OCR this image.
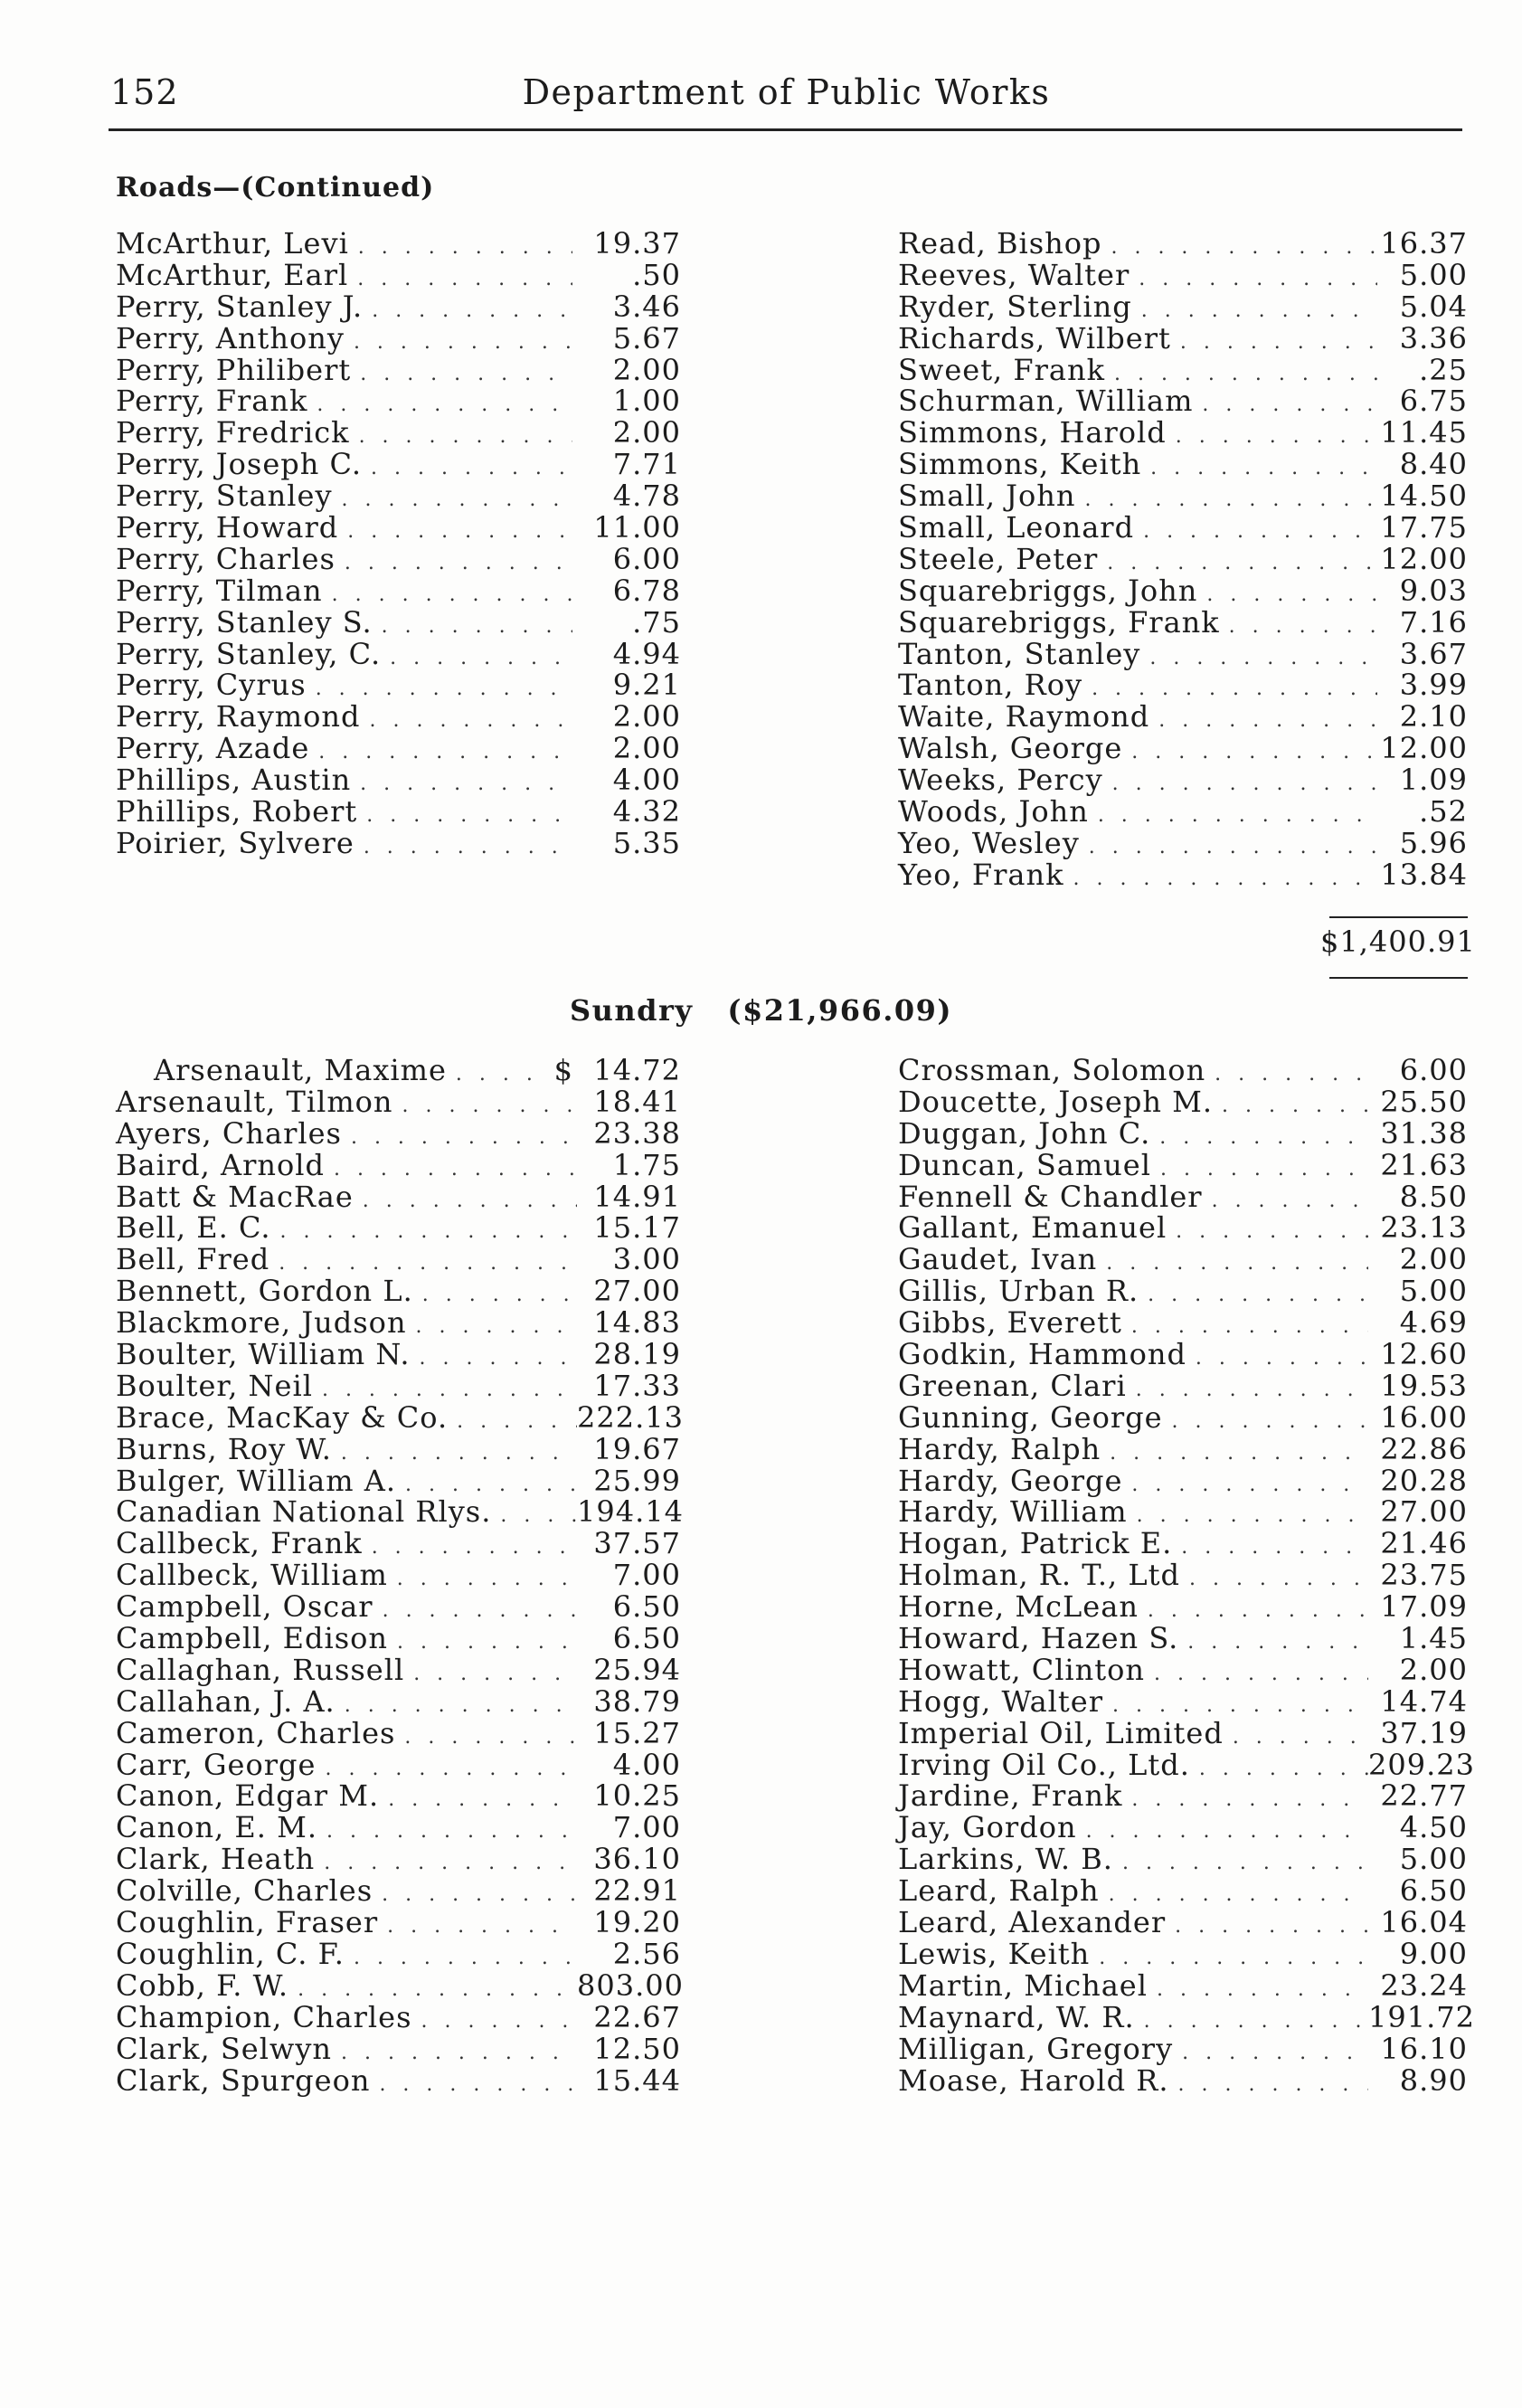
152	Department of Public Works
Roads—(Continued)
McArthur, Levi . . .	19.37
McArthur, Earl . . .	.50
Perry, Stanley J. . . .	3.46
Perry, Anthony . . .	5.67
Perry, Philibert . . .	2.00
Perry, Frank . . .	1.00
Perry, Fredrick . . .	2.00
Perry, Joseph C. . . .	7.71
Perry, Stanley . . .	4.78
Perry, Howard . . .	11.00
Perry, Charles . . .	6.00
Perry, Tilman . . .	6.78
Perry, Stanley S. . . .	.75
Perry, Stanley, C. . . .	4.94
Perry, Cyrus . . .	9.21
Perry, Raymond . . .	2.00
Perry, Azade . . .	2.00
Phillips, Austin . . .	4.00
Phillips, Robert . . .	4.32
Poirier, Sylvere . . .	5.35
Read, Bishop . . .	16.37
Reeves, Walter . . .	5.00
Ryder, Sterling . . .	5.04
Richards, Wilbert . . .	3.36
Sweet, Frank . . .	.25
Schurman, William . . .	6.75
Simmons, Harold . . .	11.45
Simmons, Keith . . .	8.40
Small, John . . .	14.50
Small, Leonard . . .	17.75
Steele, Peter . . .	12.00
Squarebriggs, John . . .	9.03
Squarebriggs, Frank . . .	7.16
Tanton, Stanley . . .	3.67
Tanton, Roy . . .	3.99
Waite, Raymond . . .	2.10
Walsh, George . . .	12.00
Weeks, Percy . . .	1.09
Woods, John . . .	.52
Yeo, Wesley . . .	5.96
Yeo, Frank . . .	13.84
$1,400.91
Sundry ($21,966.09)
Arsenault, Maxime . . .	$ 14.72
Arsenault, Tilmon . . .	18.41
Ayers, Charles . . .	23.38
Baird, Arnold . . .	1.75
Batt & MacRae . . .	14.91
Bell, E. C. . . .	15.17
Bell, Fred . . .	3.00
Bennett, Gordon L. . . .	27.00
Blackmore, Judson . . .	14.83
Boulter, William N. . . .	28.19
Boulter, Neil . . .	17.33
Brace, MacKay & Co. . . .	222.13
Burns, Roy W. . . .	19.67
Bulger, William A. . . .	25.99
Canadian National Rlys. . . .	194.14
Callbeck, Frank . . .	37.57
Callbeck, William . . .	7.00
Campbell, Oscar . . .	6.50
Campbell, Edison . . .	6.50
Callaghan, Russell . . .	25.94
Callahan, J. A. . . .	38.79
Cameron, Charles . . .	15.27
Carr, George . . .	4.00
Canon, Edgar M. . . .	10.25
Canon, E. M. . . .	7.00
Clark, Heath . . .	36.10
Colville, Charles . . .	22.91
Coughlin, Fraser . . .	19.20
Coughlin, C. F. . . .	2.56
Cobb, F. W. . . .	803.00
Champion, Charles . . .	22.67
Clark, Selwyn . . .	12.50
Clark, Spurgeon . . .	15.44
Crossman, Solomon . . .	6.00
Doucette, Joseph M. . . .	25.50
Duggan, John C. . . .	31.38
Duncan, Samuel . . .	21.63
Fennell & Chandler . . .	8.50
Gallant, Emanuel . . .	23.13
Gaudet, Ivan . . .	2.00
Gillis, Urban R. . . .	5.00
Gibbs, Everett . . .	4.69
Godkin, Hammond . . .	12.60
Greenan, Clari . . .	19.53
Gunning, George . . .	16.00
Hardy, Ralph . . .	22.86
Hardy, George . . .	20.28
Hardy, William . . .	27.00
Hogan, Patrick E. . . .	21.46
Holman, R. T., Ltd . . .	23.75
Horne, McLean . . .	17.09
Howard, Hazen S. . . .	1.45
Howatt, Clinton . . .	2.00
Hogg, Walter . . .	14.74
Imperial Oil, Limited . . .	37.19
Irving Oil Co., Ltd. . . .	209.23
Jardine, Frank . . .	22.77
Jay, Gordon . . .	4.50
Larkins, W. B. . . .	5.00
Leard, Ralph . . .	6.50
Leard, Alexander . . .	16.04
Lewis, Keith . . .	9.00
Martin, Michael . . .	23.24
Maynard, W. R. . . .	191.72
Milligan, Gregory . . .	16.10
Moase, Harold R. . . .	8.90
